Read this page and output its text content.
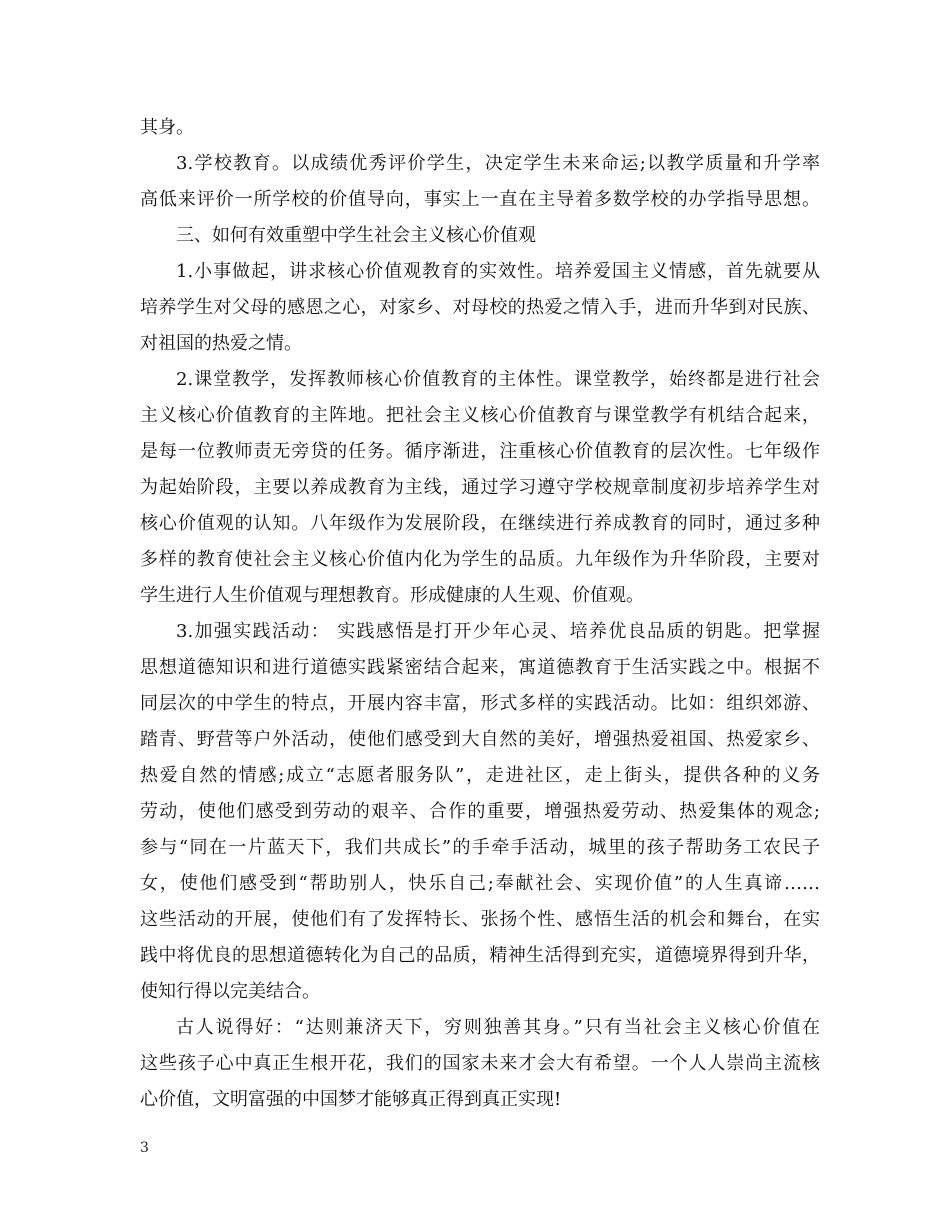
其身。
3.学校教育。以成绩优秀评价学生，决定学生未来命运;以教学质量和升学率
高低来评价一所学校的价值导向，事实上一直在主导着多数学校的办学指导思想。
三、如何有效重塑中学生社会主义核心价值观
1.小事做起，讲求核心价值观教育的实效性。培养爱国主义情感，首先就要从
培养学生对父母的感恩之心，对家乡、对母校的热爱之情入手，进而升华到对民族、
对祖国的热爱之情。
2.课堂教学，发挥教师核心价值教育的主体性。课堂教学，始终都是进行社会
主义核心价值教育的主阵地。把社会主义核心价值教育与课堂教学有机结合起来，
是每一位教师责无旁贷的任务。循序渐进，注重核心价值教育的层次性。七年级作
为起始阶段，主要以养成教育为主线，通过学习遵守学校规章制度初步培养学生对
核心价值观的认知。八年级作为发展阶段，在继续进行养成教育的同时，通过多种
多样的教育使社会主义核心价值内化为学生的品质。九年级作为升华阶段，主要对
学生进行人生价值观与理想教育。形成健康的人生观、价值观。
3.加强实践活动： 实践感悟是打开少年心灵、培养优良品质的钥匙。把掌握
思想道德知识和进行道德实践紧密结合起来，寓道德教育于生活实践之中。根据不
同层次的中学生的特点，开展内容丰富，形式多样的实践活动。比如：组织郊游、
踏青、野营等户外活动，使他们感受到大自然的美好，增强热爱祖国、热爱家乡、
热爱自然的情感;成立“志愿者服务队”，走进社区，走上街头，提供各种的义务
劳动，使他们感受到劳动的艰辛、合作的重要，增强热爱劳动、热爱集体的观念;
参与“同在一片蓝天下，我们共成长”的手牵手活动，城里的孩子帮助务工农民子
女，使他们感受到“帮助别人，快乐自己;奉献社会、实现价值”的人生真谛……
这些活动的开展，使他们有了发挥特长、张扬个性、感悟生活的机会和舞台，在实
践中将优良的思想道德转化为自己的品质，精神生活得到充实，道德境界得到升华，
使知行得以完美结合。
古人说得好：“达则兼济天下，穷则独善其身。”只有当社会主义核心价值在
这些孩子心中真正生根开花，我们的国家未来才会大有希望。一个人人崇尚主流核
心价值，文明富强的中国梦才能够真正得到真正实现!
3
